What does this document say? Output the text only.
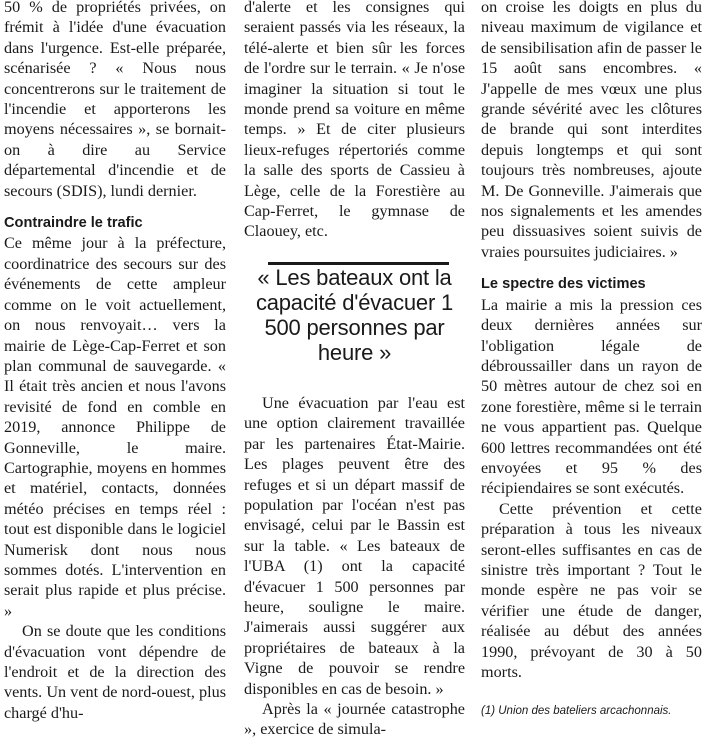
50 % de propriétés privées, on frémit à l'idée d'une évacuation dans l'urgence. Est-elle préparée, scénarisée ? « Nous nous concentrerons sur le traitement de l'incendie et apporterons les moyens nécessaires », se bornait-on à dire au Service départemental d'incendie et de secours (SDIS), lundi dernier.

Contraindre le trafic

Ce même jour à la préfecture, coordinatrice des secours sur des événements de cette ampleur comme on le voit actuellement, on nous renvoyait… vers la mairie de Lège-Cap-Ferret et son plan communal de sauvegarde. « Il était très ancien et nous l'avons revisité de fond en comble en 2019, annonce Philippe de Gonneville, le maire. Cartographie, moyens en hommes et matériel, contacts, données météo précises en temps réel : tout est disponible dans le logiciel Numerisk dont nous nous sommes dotés. L'intervention en serait plus rapide et plus précise. »

On se doute que les conditions d'évacuation vont dépendre de l'endroit et de la direction des vents. Un vent de nord-ouest, plus chargé d'hu-

d'alerte et les consignes qui seraient passés via les réseaux, la télé-alerte et bien sûr les forces de l'ordre sur le terrain. « Je n'ose imaginer la situation si tout le monde prend sa voiture en même temps. » Et de citer plusieurs lieux-refuges répertoriés comme la salle des sports de Cassieu à Lège, celle de la Forestière au Cap-Ferret, le gymnase de Claouey, etc.

« Les bateaux ont la capacité d'évacuer 1 500 personnes par heure »

Une évacuation par l'eau est une option clairement travaillée par les partenaires État-Mairie. Les plages peuvent être des refuges et si un départ massif de population par l'océan n'est pas envisagé, celui par le Bassin est sur la table. « Les bateaux de l'UBA (1) ont la capacité d'évacuer 1 500 personnes par heure, souligne le maire. J'aimerais aussi suggérer aux propriétaires de bateaux à la Vigne de pouvoir se rendre disponibles en cas de besoin. »

Après la « journée catastrophe », exercice de simula-

on croise les doigts en plus du niveau maximum de vigilance et de sensibilisation afin de passer le 15 août sans encombres. « J'appelle de mes vœux une plus grande sévérité avec les clôtures de brande qui sont interdites depuis longtemps et qui sont toujours très nombreuses, ajoute M. De Gonneville. J'aimerais que nos signalements et les amendes peu dissuasives soient suivis de vraies poursuites judiciaires. »

Le spectre des victimes

La mairie a mis la pression ces deux dernières années sur l'obligation légale de débroussailler dans un rayon de 50 mètres autour de chez soi en zone forestière, même si le terrain ne vous appartient pas. Quelque 600 lettres recommandées ont été envoyées et 95 % des récipiendaires se sont exécutés.

Cette prévention et cette préparation à tous les niveaux seront-elles suffisantes en cas de sinistre très important ? Tout le monde espère ne pas voir se vérifier une étude de danger, réalisée au début des années 1990, prévoyant de 30 à 50 morts.

(1) Union des bateliers arcachonnais.
